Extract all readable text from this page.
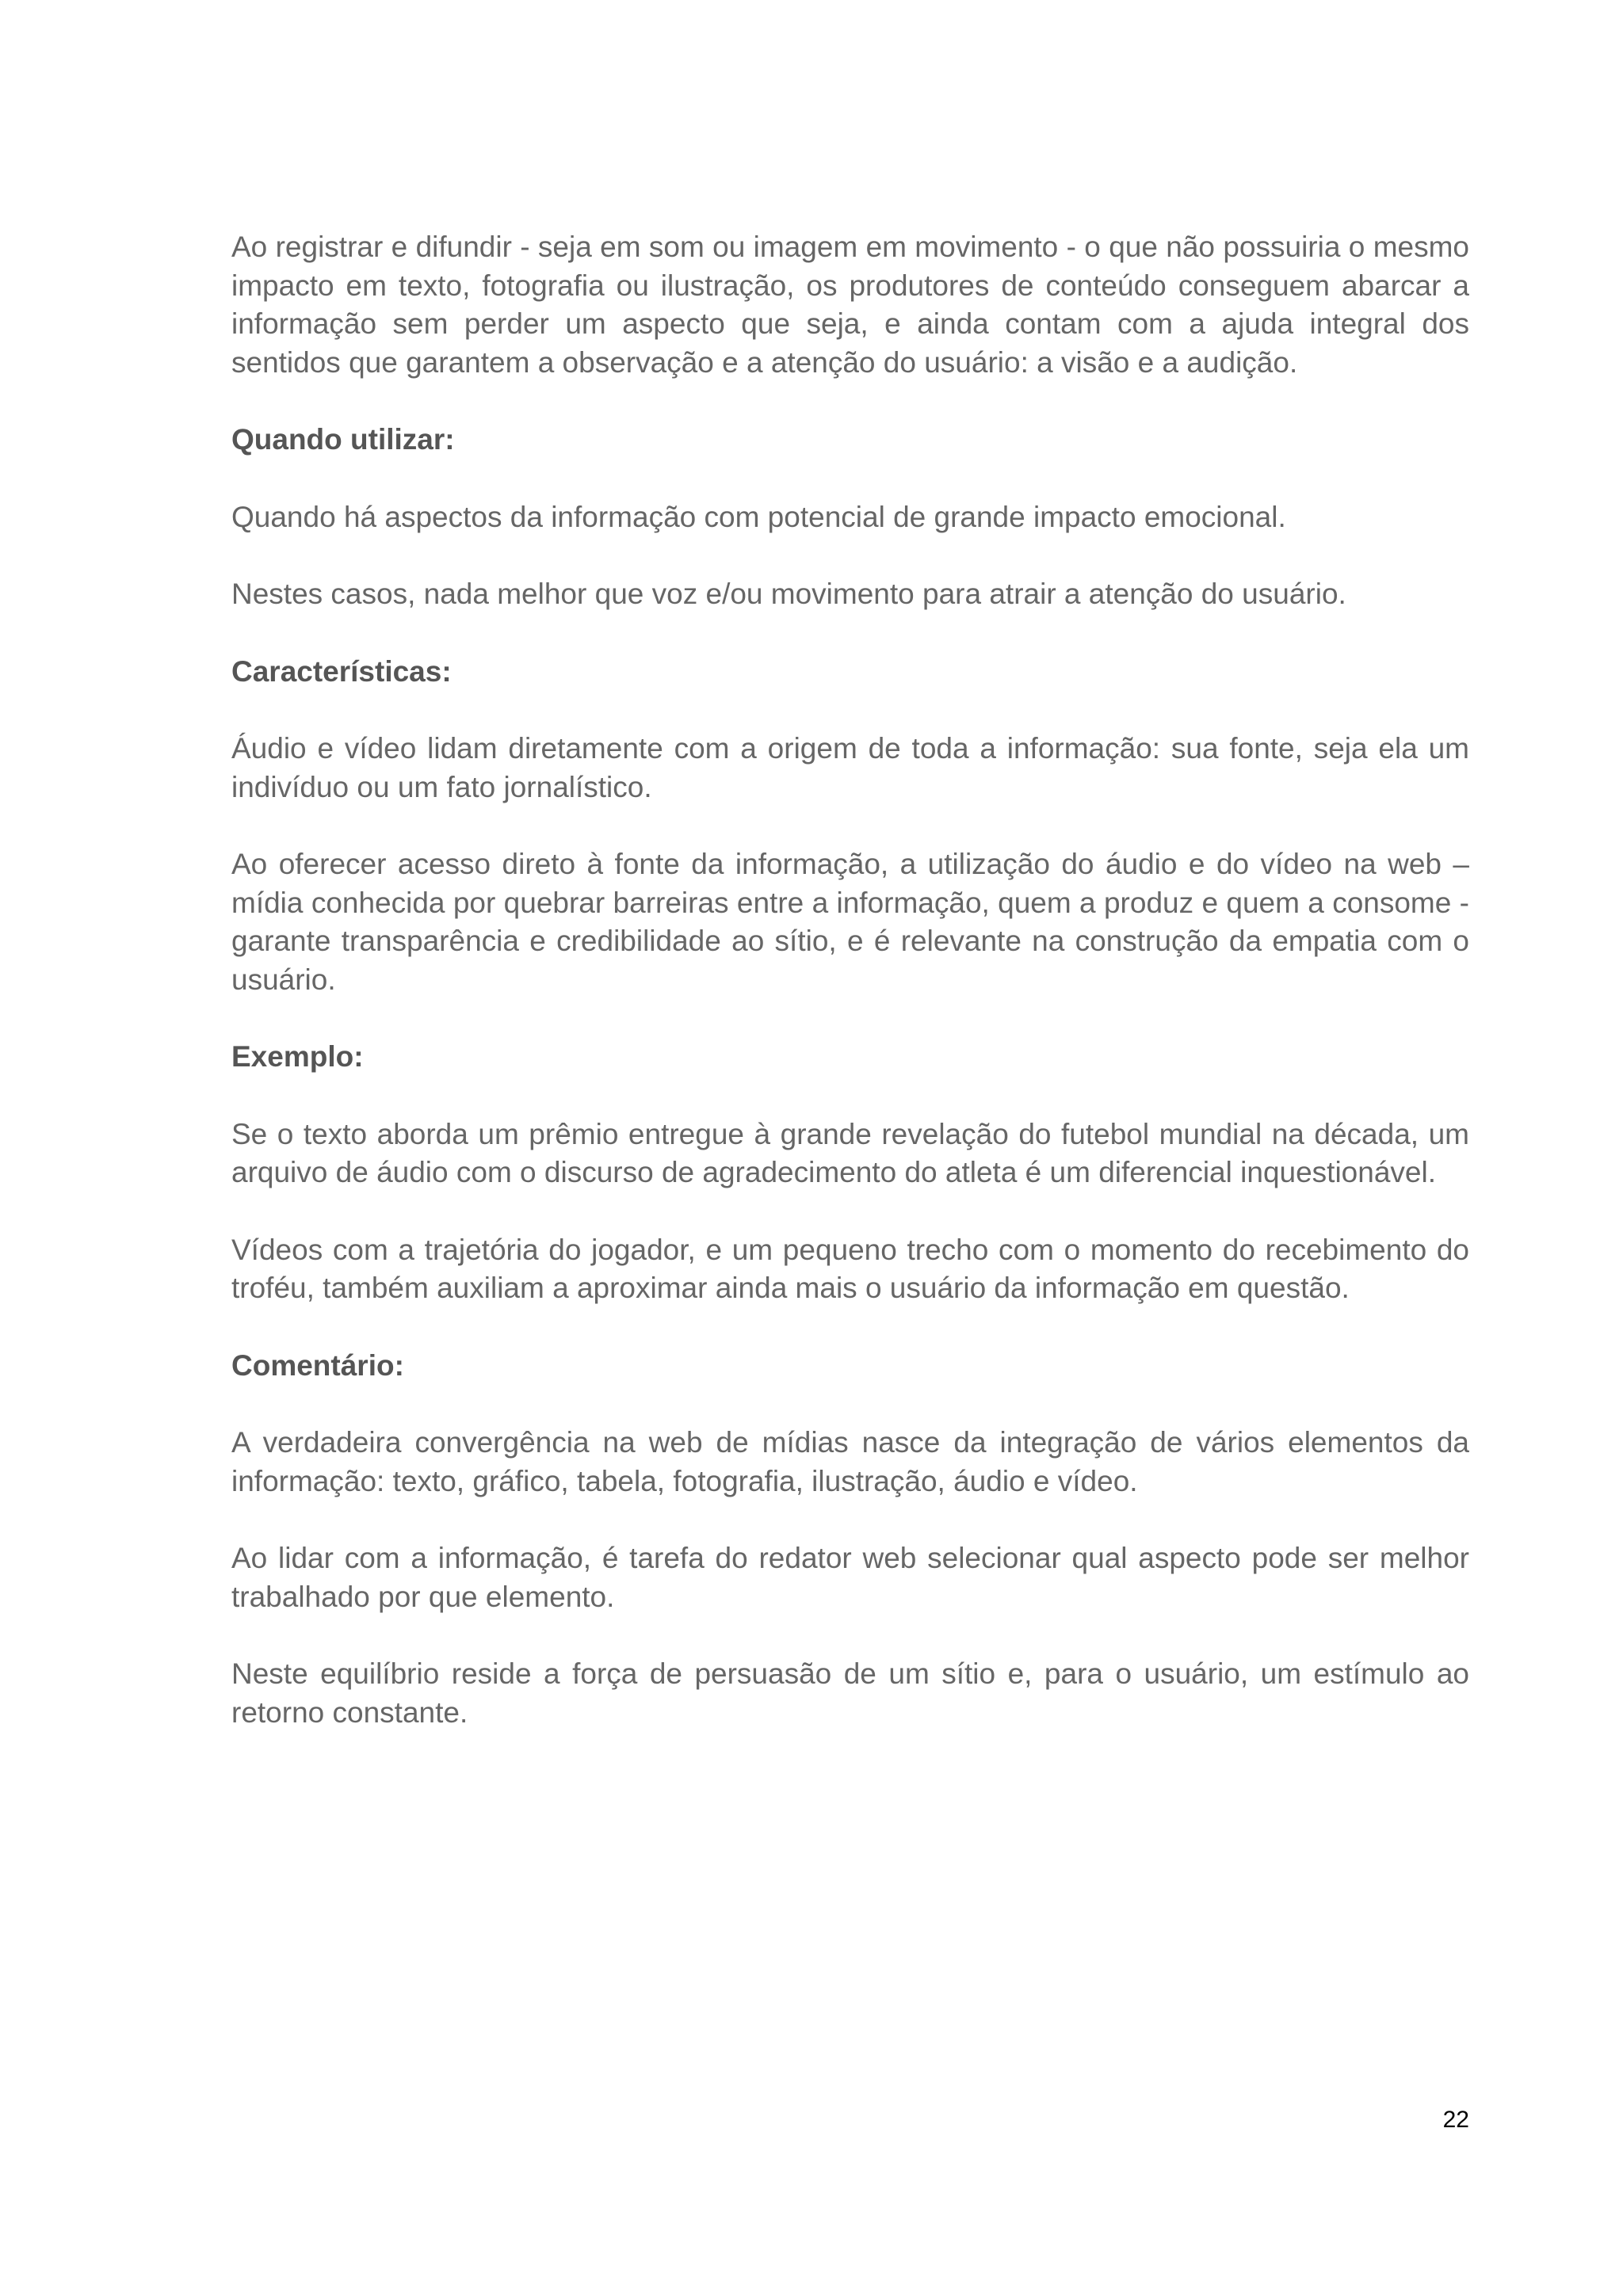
Ao registrar e difundir - seja em som ou imagem em movimento - o que não possuiria o mesmo impacto em texto, fotografia ou ilustração, os produtores de conteúdo conseguem abarcar a informação sem perder um aspecto que seja, e ainda contam com a ajuda integral dos sentidos que garantem a observação e a atenção do usuário: a visão e a audição.

Quando utilizar:

Quando há aspectos da informação com potencial de grande impacto emocional.

Nestes casos, nada melhor que voz e/ou movimento para atrair a atenção do usuário.

Características:

Áudio e vídeo lidam diretamente com a origem de toda a informação: sua fonte, seja ela um indivíduo ou um fato jornalístico.

Ao oferecer acesso direto à fonte da informação, a utilização do áudio e do vídeo na web – mídia conhecida por quebrar barreiras entre a informação, quem a produz e quem a consome - garante transparência e credibilidade ao sítio, e é relevante na construção da empatia com o usuário.

Exemplo:

Se o texto aborda um prêmio entregue à grande revelação do futebol mundial na década, um arquivo de áudio com o discurso de agradecimento do atleta é um diferencial inquestionável.

Vídeos com a trajetória do jogador, e um pequeno trecho com o momento do recebimento do troféu, também auxiliam a aproximar ainda mais o usuário da informação em questão.

Comentário:

A verdadeira convergência na web de mídias nasce da integração de vários elementos da informação: texto, gráfico, tabela, fotografia, ilustração, áudio e vídeo.

Ao lidar com a informação, é tarefa do redator web selecionar qual aspecto pode ser melhor trabalhado por que elemento.

Neste equilíbrio reside a força de persuasão de um sítio e, para o usuário, um estímulo ao retorno constante.

22
